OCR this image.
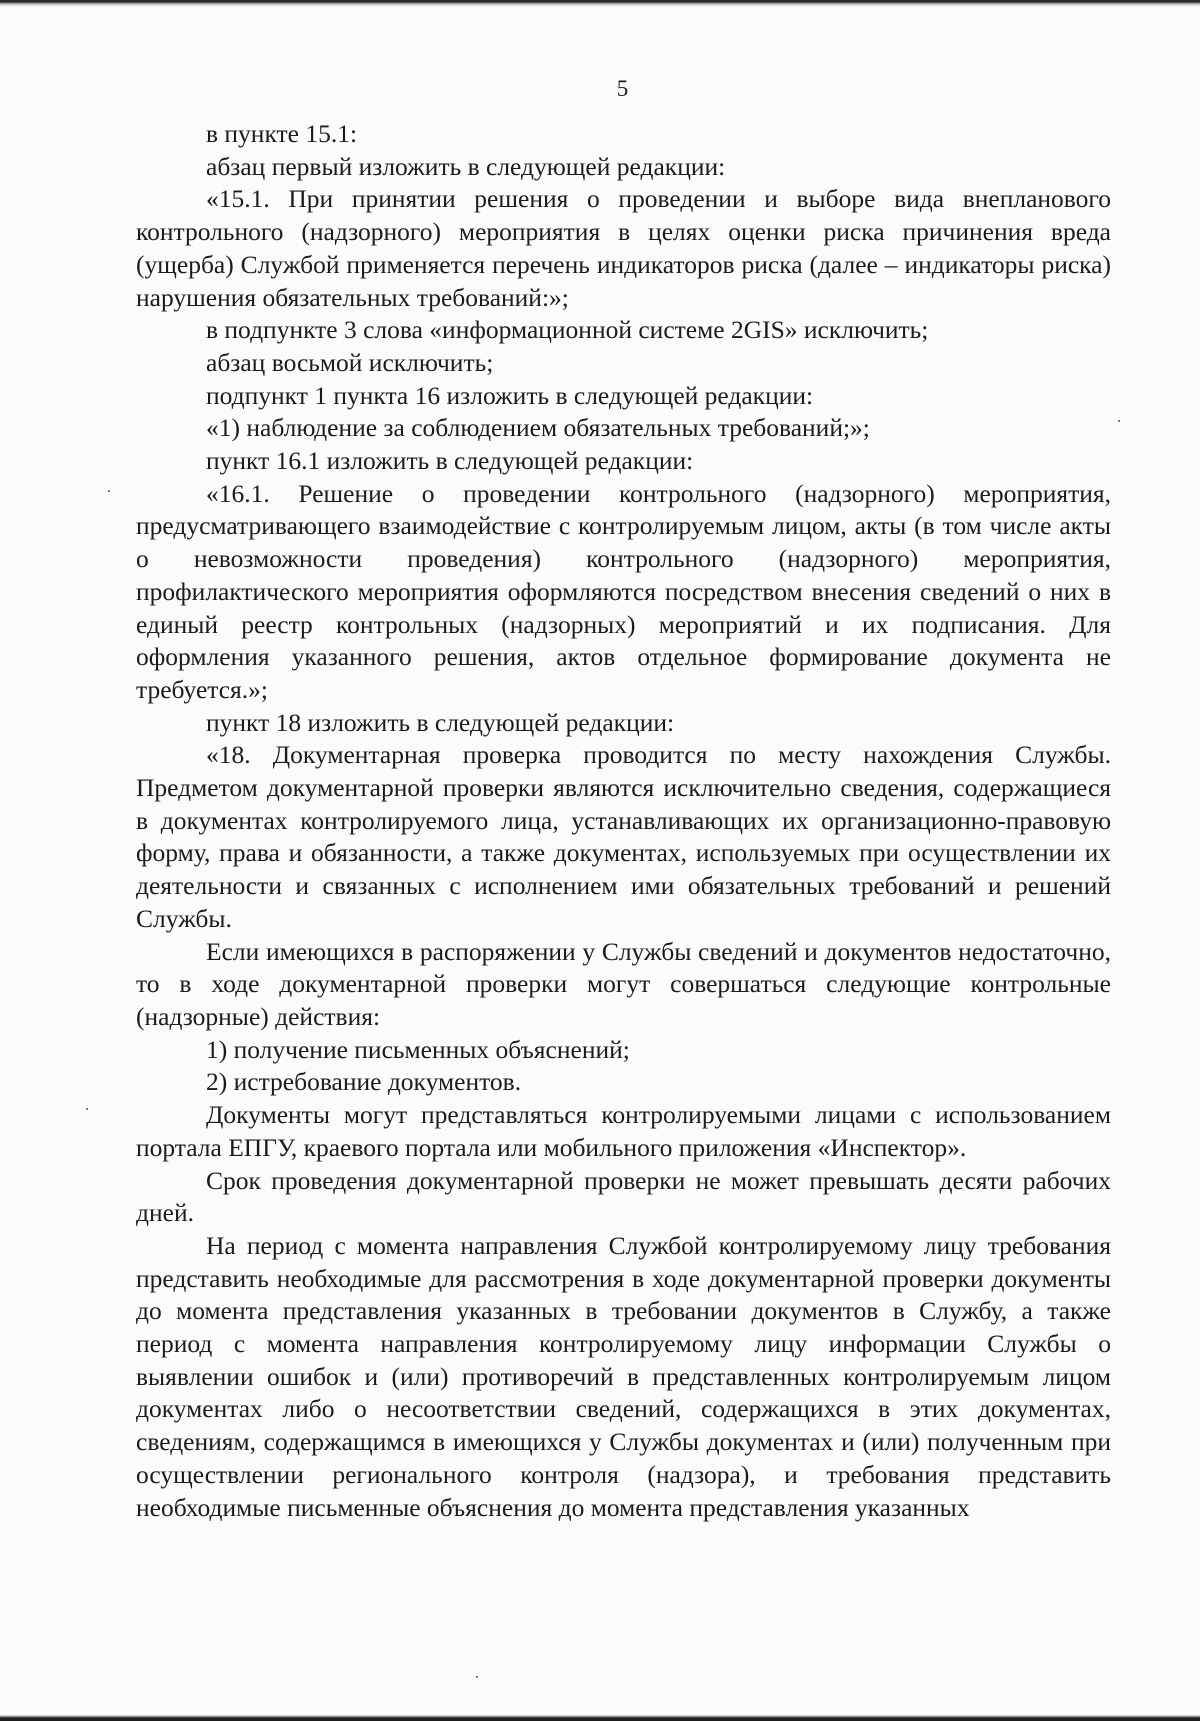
5

в пункте 15.1:

абзац первый изложить в следующей редакции:

«15.1. При принятии решения о проведении и выборе вида внепланового контрольного (надзорного) мероприятия в целях оценки риска причинения вреда (ущерба) Службой применяется перечень индикаторов риска (далее – индикаторы риска) нарушения обязательных требований:»;

в подпункте 3 слова «информационной системе 2GIS» исключить;

абзац восьмой исключить;

подпункт 1 пункта 16 изложить в следующей редакции:

«1) наблюдение за соблюдением обязательных требований;»;

пункт 16.1 изложить в следующей редакции:

«16.1. Решение о проведении контрольного (надзорного) мероприятия, предусматривающего взаимодействие с контролируемым лицом, акты (в том числе акты о невозможности проведения) контрольного (надзорного) мероприятия, профилактического мероприятия оформляются посредством внесения сведений о них в единый реестр контрольных (надзорных) мероприятий и их подписания. Для оформления указанного решения, актов отдельное формирование документа не требуется.»;

пункт 18 изложить в следующей редакции:

«18. Документарная проверка проводится по месту нахождения Службы. Предметом документарной проверки являются исключительно сведения, содержащиеся в документах контролируемого лица, устанавливающих их организационно-правовую форму, права и обязанности, а также документах, используемых при осуществлении их деятельности и связанных с исполнением ими обязательных требований и решений Службы.

Если имеющихся в распоряжении у Службы сведений и документов недостаточно, то в ходе документарной проверки могут совершаться следующие контрольные (надзорные) действия:

1) получение письменных объяснений;

2) истребование документов.

Документы могут представляться контролируемыми лицами с использованием портала ЕПГУ, краевого портала или мобильного приложения «Инспектор».

Срок проведения документарной проверки не может превышать десяти рабочих дней.

На период с момента направления Службой контролируемому лицу требования представить необходимые для рассмотрения в ходе документарной проверки документы до момента представления указанных в требовании документов в Службу, а также период с момента направления контролируемому лицу информации Службы о выявлении ошибок и (или) противоречий в представленных контролируемым лицом документах либо о несоответствии сведений, содержащихся в этих документах, сведениям, содержащимся в имеющихся у Службы документах и (или) полученным при осуществлении регионального контроля (надзора), и требования представить необходимые письменные объяснения до момента представления указанных
